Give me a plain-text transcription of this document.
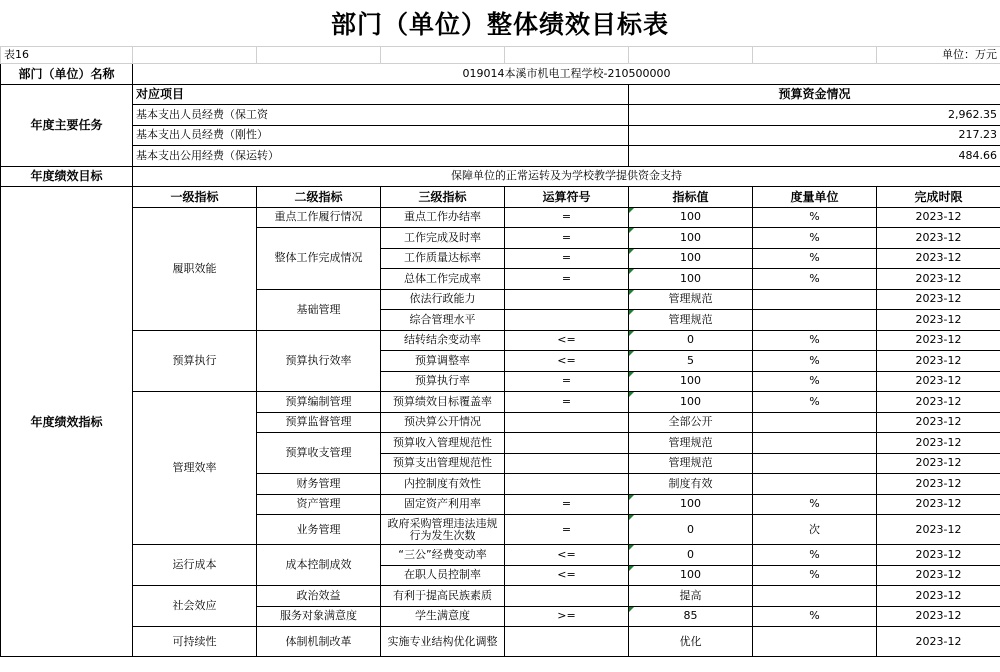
部门（单位）整体绩效目标表
表16							单位：万元
部门（单位）名称	019014本溪市机电工程学校-210500000						
年度主要任务	对应项目				预算资金情况		
	基本支出人员经费（保工资				2,962.35		
	基本支出人员经费（刚性）				217.23		
	基本支出公用经费（保运转）				484.66		
年度绩效目标	保障单位的正常运转及为学校教学提供资金支持						
年度绩效指标	一级指标	二级指标	三级指标	运算符号	指标值	度量单位	完成时限
	履职效能	重点工作履行情况	重点工作办结率	=	100	%	2023-12
		整体工作完成情况	工作完成及时率	=	100	%	2023-12
			工作质量达标率	=	100	%	2023-12
			总体工作完成率	=	100	%	2023-12
		基础管理	依法行政能力		管理规范		2023-12
			综合管理水平		管理规范		2023-12
	预算执行	预算执行效率	结转结余变动率	<=	0	%	2023-12
			预算调整率	<=	5	%	2023-12
			预算执行率	=	100	%	2023-12
	管理效率	预算编制管理	预算绩效目标覆盖率	=	100	%	2023-12
		预算监督管理	预决算公开情况		全部公开		2023-12
		预算收支管理	预算收入管理规范性		管理规范		2023-12
			预算支出管理规范性		管理规范		2023-12
		财务管理	内控制度有效性		制度有效		2023-12
		资产管理	固定资产利用率	=	100	%	2023-12
		业务管理	政府采购管理违法违规行为发生次数	=	0	次	2023-12
	运行成本	成本控制成效	“三公”经费变动率	<=	0	%	2023-12
			在职人员控制率	<=	100	%	2023-12
	社会效应	政治效益	有利于提高民族素质		提高		2023-12
		服务对象满意度	学生满意度	>=	85	%	2023-12
	可持续性	体制机制改革	实施专业结构优化调整		优化		2023-12
